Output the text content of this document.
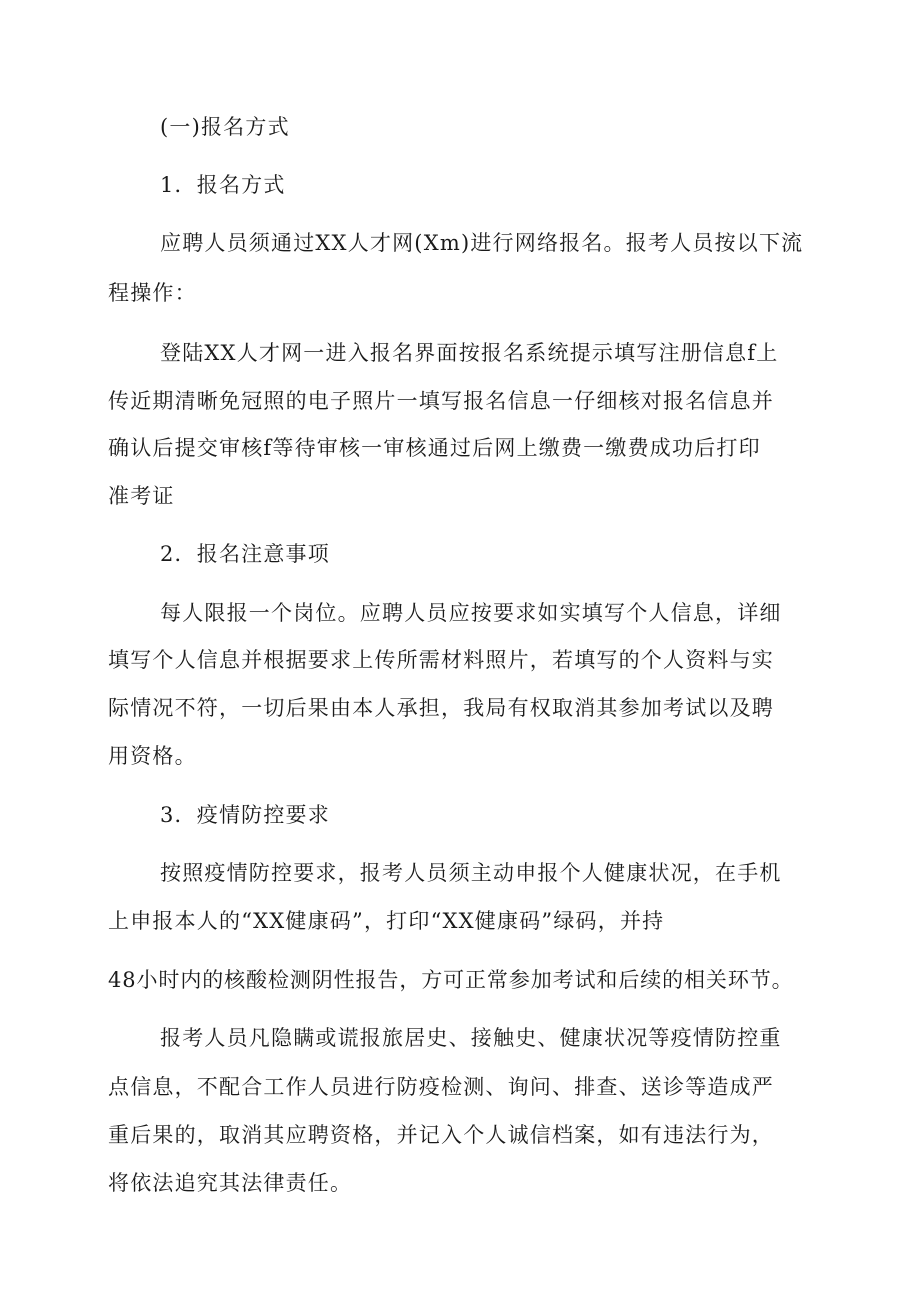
(一)报名方式
1．报名方式
应聘人员须通过XX人才网(Xm)进行网络报名。报考人员按以下流
程操作：
登陆XX人才网一进入报名界面按报名系统提示填写注册信息f上
传近期清晰免冠照的电子照片一填写报名信息一仔细核对报名信息并
确认后提交审核f等待审核一审核通过后网上缴费一缴费成功后打印
准考证
2．报名注意事项
每人限报一个岗位。应聘人员应按要求如实填写个人信息，详细
填写个人信息并根据要求上传所需材料照片，若填写的个人资料与实
际情况不符，一切后果由本人承担，我局有权取消其参加考试以及聘
用资格。
3．疫情防控要求
按照疫情防控要求，报考人员须主动申报个人健康状况，在手机
上申报本人的“XX健康码”，打印“XX健康码”绿码，并持
48小时内的核酸检测阴性报告，方可正常参加考试和后续的相关环节。
报考人员凡隐瞒或谎报旅居史、接触史、健康状况等疫情防控重
点信息，不配合工作人员进行防疫检测、询问、排查、送诊等造成严
重后果的，取消其应聘资格，并记入个人诚信档案，如有违法行为，
将依法追究其法律责任。
